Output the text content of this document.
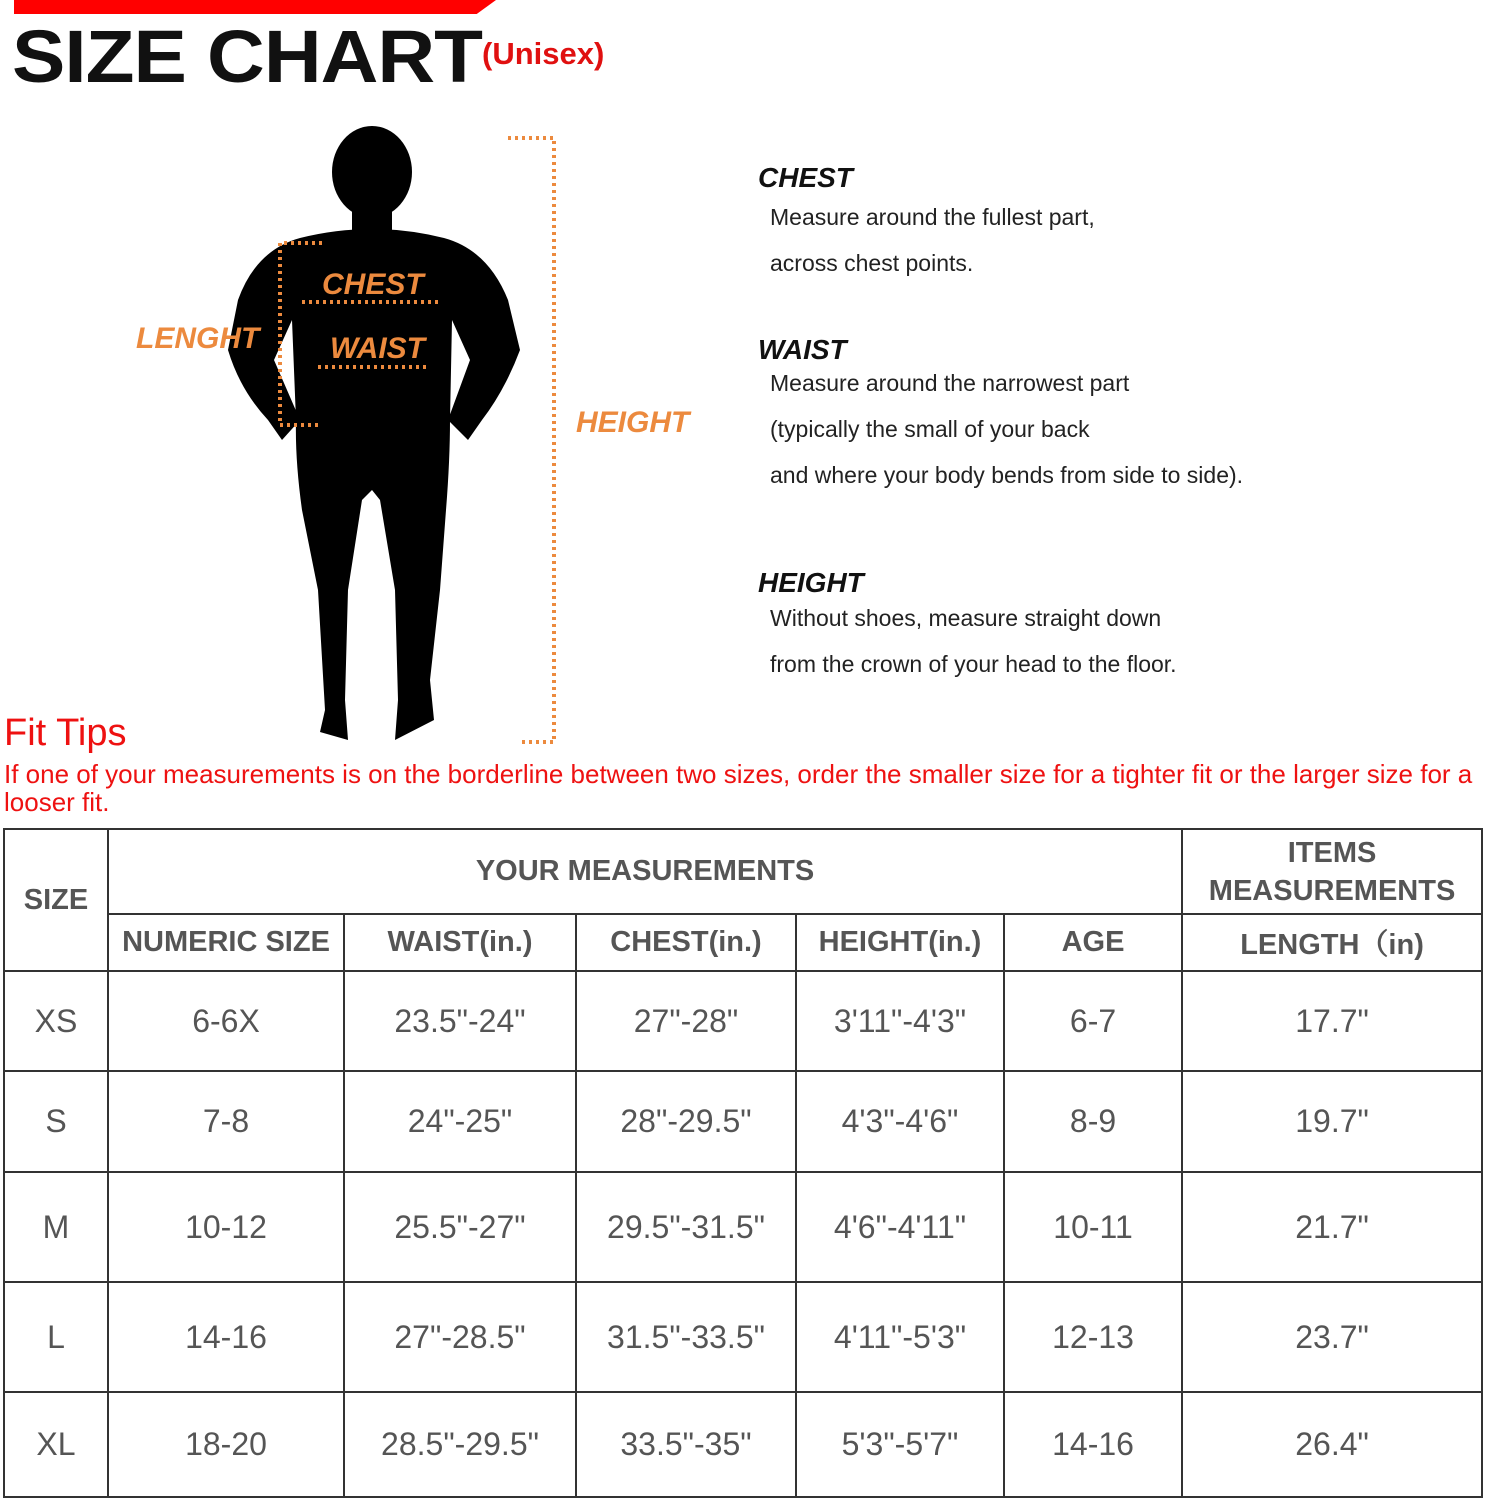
SIZE CHART (Unisex)
CHEST
WAIST
LENGHT
HEIGHT
CHEST
Measure around the fullest part,
across chest points.
WAIST
Measure around the narrowest part
(typically the small of your back
and where your body bends from side to side).
HEIGHT
Without shoes, measure straight down
from the crown of your head to the floor.
Fit Tips
If one of your measurements is on the borderline between two sizes, order the smaller size for a tighter fit or the larger size for a looser fit.
SIZE	YOUR MEASUREMENTS					ITEMS MEASUREMENTS
	NUMERIC SIZE	WAIST(in.)	CHEST(in.)	HEIGHT(in.)	AGE	LENGTH（in)
XS	6-6X	23.5"-24"	27"-28"	3'11"-4'3"	6-7	17.7"
S	7-8	24"-25"	28"-29.5"	4'3"-4'6"	8-9	19.7"
M	10-12	25.5"-27"	29.5"-31.5"	4'6"-4'11"	10-11	21.7"
L	14-16	27"-28.5"	31.5"-33.5"	4'11"-5'3"	12-13	23.7"
XL	18-20	28.5"-29.5"	33.5"-35"	5'3"-5'7"	14-16	26.4"
